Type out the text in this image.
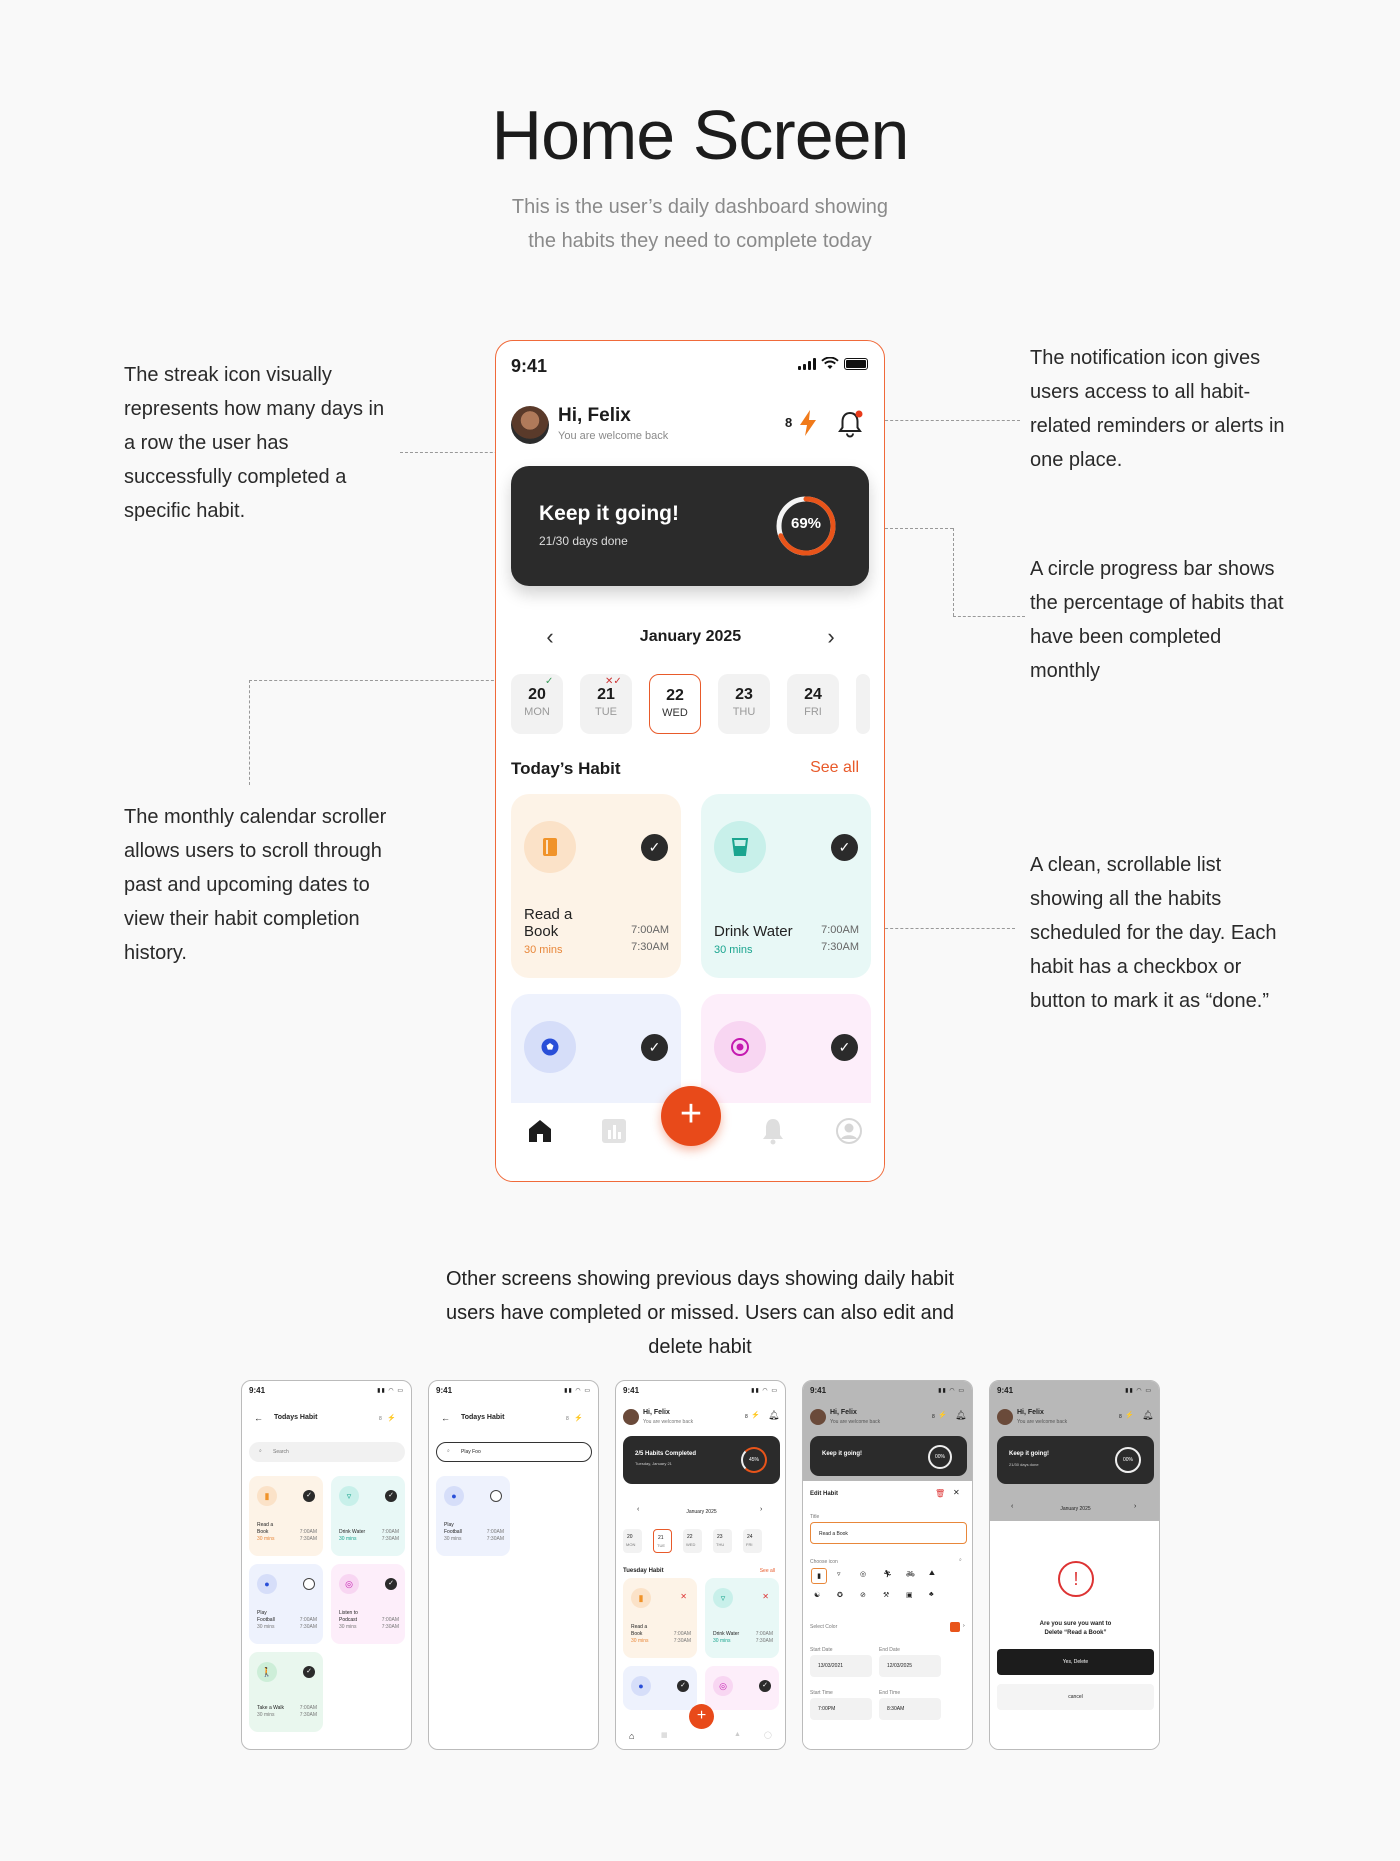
Home Screen
This is the user’s daily dashboard showing
the habits they need to complete today
The streak icon visually
represents how many days in
a row the user has
successfully completed a
specific habit.
The notification icon gives
users access to all habit-
related reminders or alerts in
one place.
A circle progress bar shows
the percentage of habits that
have been completed
monthly
The monthly calendar scroller
allows users to scroll through
past and upcoming dates to
view their habit completion
history.
A clean, scrollable list
showing all the habits
scheduled for the day. Each
habit has a checkbox or
button to mark it as “done.”
9:41
Hi, Felix
You are welcome back
8
Keep it going!
21/30 days done
69%
‹	January 2025	›
✓
20
MON
✕✓
21
TUE
22
WED
23
THU
24
FRI
Today’s Habit	See all
✓
Read a
Book
30 mins
7:00AM
7:30AM
✓
Drink Water
30 mins
7:00AM
7:30AM
✓	✓
+
Other screens showing previous days showing daily habit
users have completed or missed. Users can also edit and
delete habit
9:41	▮▮ ◠ ▭
← Todays Habit	⚡
8
⌕ Search
▮	✓
Read a
Book
30 mins
7:00AM
7:30AM
▿	✓
Drink Water
30 mins
7:00AM
7:30AM
●
Play
Football
30 mins
7:00AM
7:30AM
◎	✓
Listen to
Podcast
30 mins
7:00AM
7:30AM
🚶	✓
Take a Walk
30 mins
7:00AM
7:30AM
9:41	▮▮ ◠ ▭
← Todays Habit	⚡
8
⌕ Play Foo
●
Play
Football
30 mins
7:00AM
7:30AM
9:41	▮▮ ◠ ▭
Hi, Felix
You are welcome back
8 ⚡ 🔔︎
2/5 Habits Completed
Tuesday, January 21
45%
‹	January 2025	›
20
MON
21
TUE
22
WED
23
THU
24
FRI
Tuesday Habit	See all
▮	✕
Read a
Book
30 mins
7:00AM
7:30AM
▿	✕
Drink Water
30 mins
7:00AM
7:30AM
●	✓	◎	✓
+
⌂	▦	▲	◯
9:41	▮▮ ◠ ▭
Hi, Felix
You are welcome back
8 ⚡ 🔔︎
Keep it going!	00%
Edit Habit	🗑︎ ✕
Title
Read a Book
Choose icon	⌕
▮	▿	◎ 🏃︎ 🚲︎ ⛰︎
☯︎ ✪ ⊘ ⚒︎ ▣ ♣︎
Select Color	›
Start Date	End Date
13/03/2021	12/03/2025
Start Time	End Time
7:00PM	8:30AM
9:41	▮▮ ◠ ▭
Hi, Felix
You are welcome back
8 ⚡ 🔔︎
Keep it going!
21/30 days done
00%
‹	January 2025	›
!
Are you sure you want to
Delete “Read a Book”
Yes, Delete
cancel
